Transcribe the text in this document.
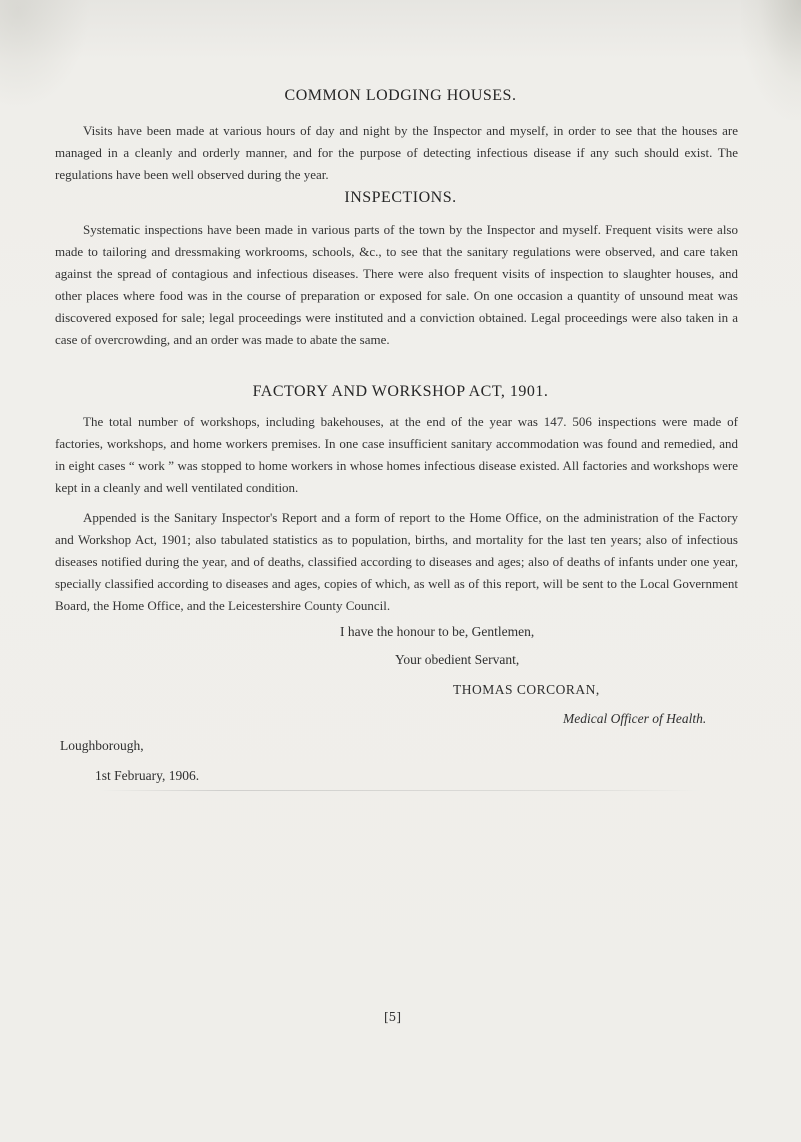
COMMON LODGING HOUSES.

Visits have been made at various hours of day and night by the Inspector and myself, in order to see that the houses are managed in a cleanly and orderly manner, and for the purpose of detecting infectious disease if any such should exist. The regulations have been well observed during the year.

INSPECTIONS.

Systematic inspections have been made in various parts of the town by the Inspector and myself. Frequent visits were also made to tailoring and dressmaking workrooms, schools, &c., to see that the sanitary regulations were observed, and care taken against the spread of contagious and infectious diseases. There were also frequent visits of inspection to slaughter houses, and other places where food was in the course of preparation or exposed for sale. On one occasion a quantity of unsound meat was discovered exposed for sale; legal proceedings were instituted and a conviction obtained. Legal proceedings were also taken in a case of overcrowding, and an order was made to abate the same.

FACTORY AND WORKSHOP ACT, 1901.

The total number of workshops, including bakehouses, at the end of the year was 147. 506 inspections were made of factories, workshops, and home workers premises. In one case insufficient sanitary accommodation was found and remedied, and in eight cases “ work ” was stopped to home workers in whose homes infectious disease existed. All factories and workshops were kept in a cleanly and well ventilated condition.

Appended is the Sanitary Inspector's Report and a form of report to the Home Office, on the administration of the Factory and Workshop Act, 1901; also tabulated statistics as to population, births, and mortality for the last ten years; also of infectious diseases notified during the year, and of deaths, classified according to diseases and ages; also of deaths of infants under one year, specially classified according to diseases and ages, copies of which, as well as of this report, will be sent to the Local Government Board, the Home Office, and the Leicestershire County Council.

I have the honour to be, Gentlemen,

Your obedient Servant,

THOMAS CORCORAN,

Medical Officer of Health.

Loughborough,

1st February, 1906.

[5]
